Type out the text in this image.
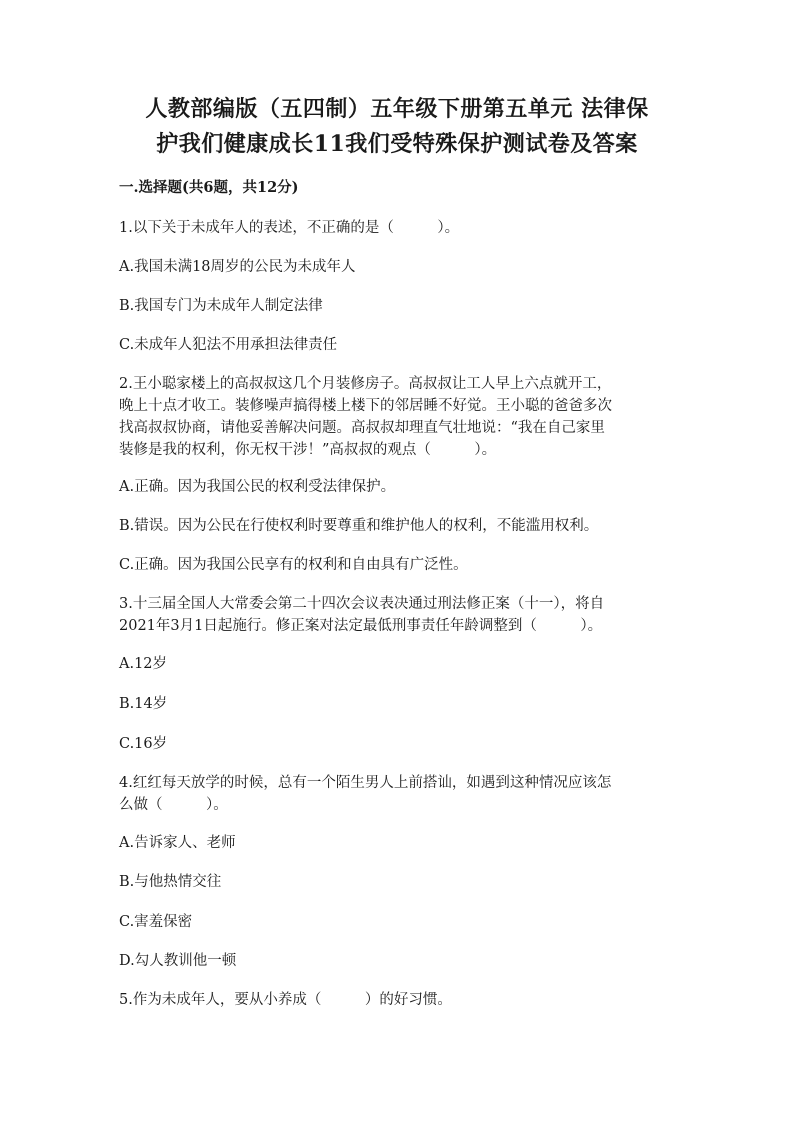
人教部编版（五四制）五年级下册第五单元 法律保
护我们健康成长11我们受特殊保护测试卷及答案
一.选择题(共6题，共12分)
1.以下关于未成年人的表述，不正确的是（　　　）。
A.我国未满18周岁的公民为未成年人
B.我国专门为未成年人制定法律
C.未成年人犯法不用承担法律责任
2.王小聪家楼上的高叔叔这几个月装修房子。高叔叔让工人早上六点就开工，
晚上十点才收工。装修噪声搞得楼上楼下的邻居睡不好觉。王小聪的爸爸多次
找高叔叔协商，请他妥善解决问题。高叔叔却理直气壮地说：“我在自己家里
装修是我的权利，你无权干涉！”高叔叔的观点（　　　）。
A.正确。因为我国公民的权利受法律保护。
B.错误。因为公民在行使权利时要尊重和维护他人的权利，不能滥用权利。
C.正确。因为我国公民享有的权利和自由具有广泛性。
3.十三届全国人大常委会第二十四次会议表决通过刑法修正案（十一），将自
2021年3月1日起施行。修正案对法定最低刑事责任年龄调整到（　　　）。
A.12岁
B.14岁
C.16岁
4.红红每天放学的时候，总有一个陌生男人上前搭讪，如遇到这种情况应该怎
么做（　　　）。
A.告诉家人、老师
B.与他热情交往
C.害羞保密
D.勾人教训他一顿
5.作为未成年人，要从小养成（　　　）的好习惯。
